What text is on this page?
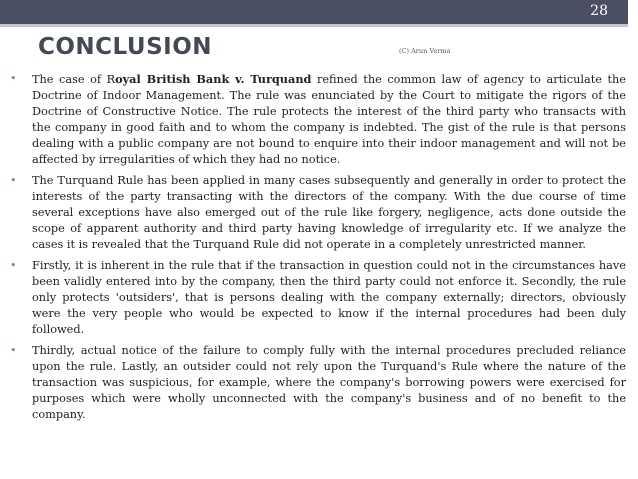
28
CONCLUSION	(C) Arun Verma
• The case of Royal British Bank v. Turquand refined the common law of agency to articulate the Doctrine of Indoor Management. The rule was enunciated by the Court to mitigate the rigors of the Doctrine of Constructive Notice. The rule protects the interest of the third party who transacts with the company in good faith and to whom the company is indebted. The gist of the rule is that persons dealing with a public company are not bound to enquire into their indoor management and will not be affected by irregularities of which they had no notice.
• The Turquand Rule has been applied in many cases subsequently and generally in order to protect the interests of the party transacting with the directors of the company. With the due course of time several exceptions have also emerged out of the rule like forgery, negligence, acts done outside the scope of apparent authority and third party having knowledge of irregularity etc. If we analyze the cases it is revealed that the Turquand Rule did not operate in a completely unrestricted manner.
• Firstly, it is inherent in the rule that if the transaction in question could not in the circumstances have been validly entered into by the company, then the third party could not enforce it. Secondly, the rule only protects 'outsiders', that is persons dealing with the company externally; directors, obviously were the very people who would be expected to know if the internal procedures had been duly followed.
• Thirdly, actual notice of the failure to comply fully with the internal procedures precluded reliance upon the rule. Lastly, an outsider could not rely upon the Turquand's Rule where the nature of the transaction was suspicious, for example, where the company's borrowing powers were exercised for purposes which were wholly unconnected with the company's business and of no benefit to the company.
